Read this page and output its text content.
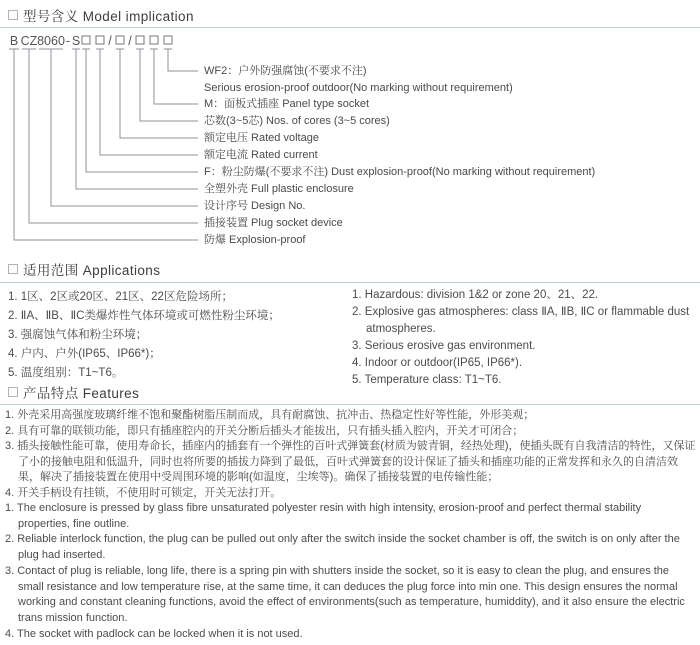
型号含义 Model implication
B CZ 8060 - S / /
WF2：户外防强腐蚀(不要求不注)
Serious erosion-proof outdoor(No marking without requirement)
M：面板式插座 Panel type socket
芯数(3~5芯) Nos. of cores (3~5 cores)
额定电压 Rated voltage
额定电流 Rated current
F：粉尘防爆(不要求不注) Dust explosion-proof(No marking without requirement)
全塑外壳 Full plastic enclosure
设计序号 Design No.
插接装置 Plug socket device
防爆 Explosion-proof
适用范围 Applications
1. 1区、2区或20区、21区、22区危险场所；
2. ⅡA、ⅡB、ⅡC类爆炸性气体环境或可燃性粉尘环境；
3. 强腐蚀气体和粉尘环境；
4. 户内、户外(IP65、IP66*)；
5. 温度组别：T1~T6。
1. Hazardous: division 1&2 or zone 20、21、22.
2. Explosive gas atmospheres: class ⅡA, ⅡB, ⅡC or flammable dust atmospheres.
3. Serious erosive gas environment.
4. Indoor or outdoor(IP65, IP66*).
5. Temperature class: T1~T6.
产品特点 Features

1. 外壳采用高强度玻璃纤维不饱和聚酯树脂压制而成，具有耐腐蚀、抗冲击、热稳定性好等性能，外形美观；

2. 具有可靠的联锁功能，即只有插座腔内的开关分断后插头才能拔出，只有插头插入腔内，开关才可闭合；

3. 插头接触性能可靠，使用寿命长，插座内的插套有一个弹性的百叶式弹簧套(材质为铍青铜，经热处理)，使插头既有自我清洁的特性，又保证了小的接触电阻和低温升，同时也将所要的插拔力降到了最低，百叶式弹簧套的设计保证了插头和插座功能的正常发挥和永久的自清洁效果，解决了插接装置在使用中受周围环境的影响(如温度，尘埃等)。确保了插接装置的电传输性能；

4. 开关手柄设有挂锁，不使用时可锁定，开关无法打开。

1. The enclosure is pressed by glass fibre unsaturated polyester resin with high intensity, erosion-proof and perfect thermal stability properties, fine outline.

2. Reliable interlock function, the plug can be pulled out only after the switch inside the socket chamber is off, the switch is on only after the plug had inserted.

3. Contact of plug is reliable, long life, there is a spring pin with shutters inside the socket, so it is easy to clean the plug, and ensures the small resistance and low temperature rise, at the same time, it can deduces the plug force into min one. This design ensures the normal working and constant cleaning functions, avoid the effect of environments(such as temperature, humiddity), and it also ensure the electric trans mission function.

4. The socket with padlock can be locked when it is not used.
